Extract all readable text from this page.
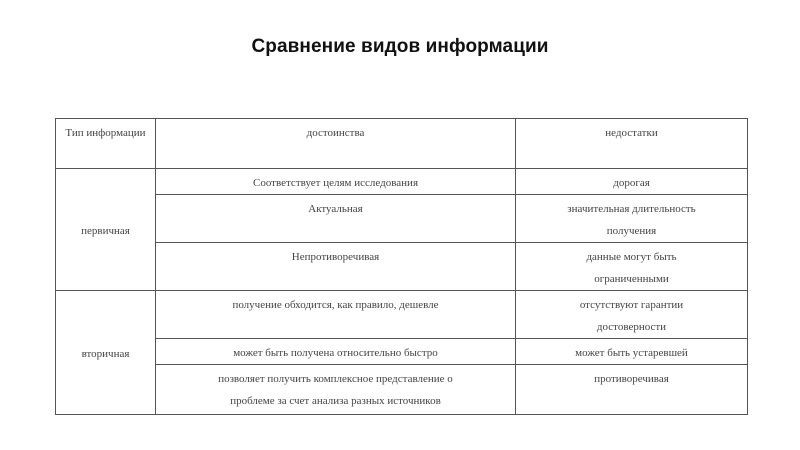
Сравнение видов информации
Тип информации	достоинства	недостатки
первичная	Соответствует целям исследования	дорогая
	Актуальная	значительная длительность получения
	Непротиворечивая	данные могут быть ограниченными
вторичная	получение обходится, как правило, дешевле	отсутствуют гарантии достоверности
	может быть получена относительно быстро	может быть устаревшей
	позволяет получить комплексное представление о проблеме за счет анализа разных источников	противоречивая
